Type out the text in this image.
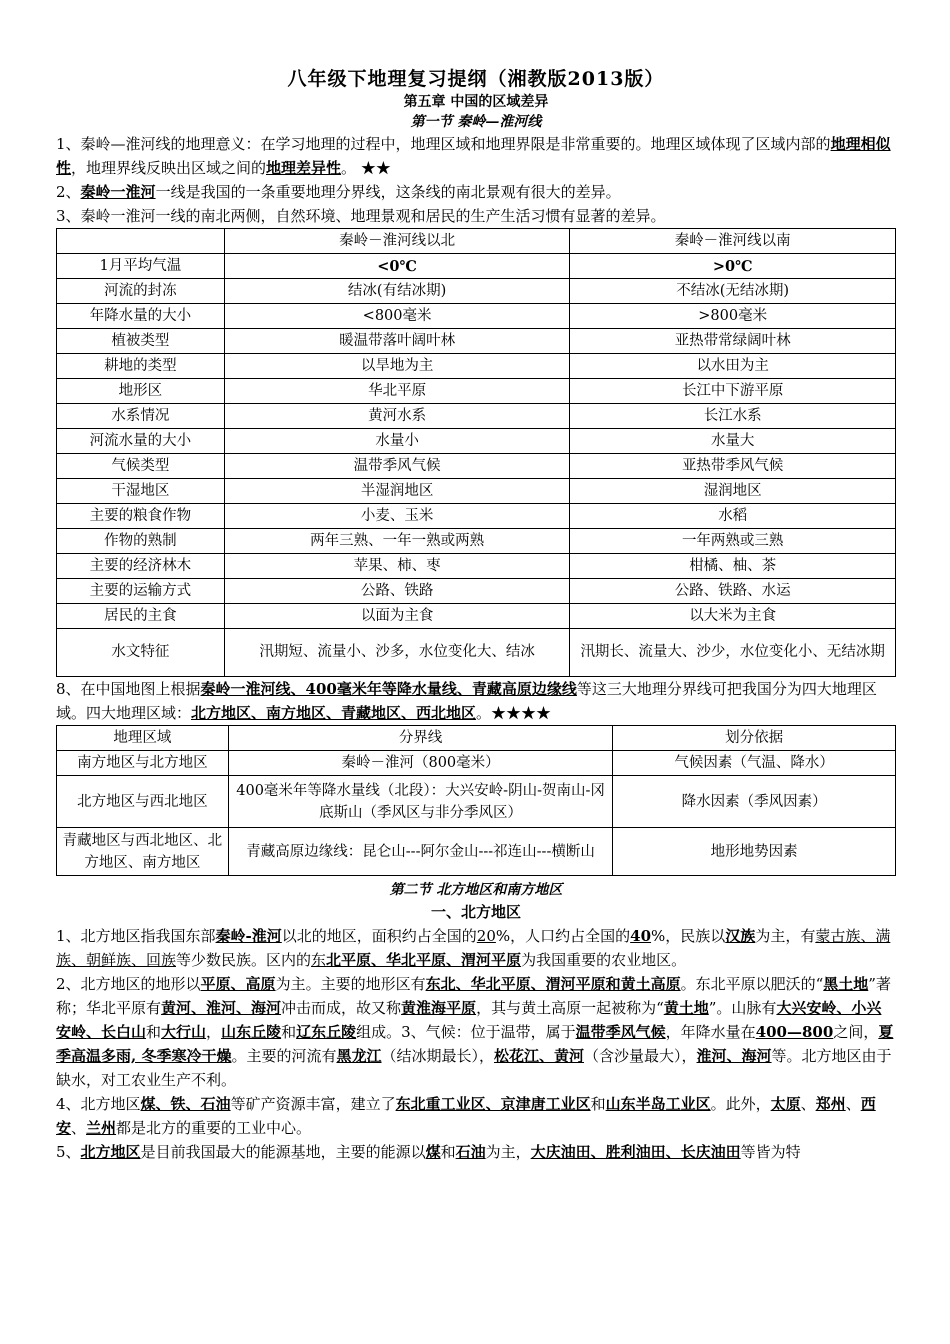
八年级下地理复习提纲（湘教版2013版）
第五章 中国的区域差异
第一节 秦岭—淮河线

1、秦岭—淮河线的地理意义：在学习地理的过程中，地理区域和地理界限是非常重要的。地理区域体现了区域内部的地理相似性，地理界线反映出区域之间的地理差异性。 ★★

2、秦岭一淮河一线是我国的一条重要地理分界线，这条线的南北景观有很大的差异。

3、秦岭一淮河一线的南北两侧，自然环境、地理景观和居民的生产生活习惯有显著的差异。

	秦岭－淮河线以北	秦岭－淮河线以南
1月平均气温	<0℃	>0℃
河流的封冻	结冰(有结冰期)	不结冰(无结冰期)
年降水量的大小	<800毫米	>800毫米
植被类型	暖温带落叶阔叶林	亚热带常绿阔叶林
耕地的类型	以旱地为主	以水田为主
地形区	华北平原	长江中下游平原
水系情况	黄河水系	长江水系
河流水量的大小	水量小	水量大
气候类型	温带季风气候	亚热带季风气候
干湿地区	半湿润地区	湿润地区
主要的粮食作物	小麦、玉米	水稻
作物的熟制	两年三熟、一年一熟或两熟	一年两熟或三熟
主要的经济林木	苹果、柿、枣	柑橘、柚、茶
主要的运输方式	公路、铁路	公路、铁路、水运
居民的主食	以面为主食	以大米为主食
水文特征	汛期短、流量小、沙多，水位变化大、结冰	汛期长、流量大、沙少，水位变化小、无结冰期

8、在中国地图上根据秦岭一淮河线、400毫米年等降水量线、青藏高原边缘线等这三大地理分界线可把我国分为四大地理区域。四大地理区域：北方地区、南方地区、青藏地区、西北地区。★★★★

地理区域	分界线	划分依据
南方地区与北方地区	秦岭－淮河（800毫米）	气候因素（气温、降水）
北方地区与西北地区	400毫米年等降水量线（北段）：大兴安岭-阴山-贺南山-冈底斯山（季风区与非分季风区）	降水因素（季风因素）
青藏地区与西北地区、北方地区、南方地区	青藏高原边缘线：昆仑山---阿尔金山---祁连山---横断山	地形地势因素
第二节 北方地区和南方地区
一、北方地区

1、北方地区指我国东部秦岭-淮河以北的地区，面积约占全国的20%，人口约占全国的40%，民族以汉族为主，有蒙古族、满族、朝鲜族、回族等少数民族。区内的东北平原、华北平原、渭河平原为我国重要的农业地区。

2、北方地区的地形以平原、高原为主。主要的地形区有东北、华北平原、渭河平原和黄土高原。东北平原以肥沃的“黑土地”著称；华北平原有黄河、淮河、海河冲击而成，故又称黄淮海平原，其与黄土高原一起被称为“黄土地”。山脉有大兴安岭、小兴安岭、长白山和大行山，山东丘陵和辽东丘陵组成。3、气候：位于温带，属于温带季风气候，年降水量在400—800之间，夏季高温多雨, 冬季寒冷干燥。主要的河流有黑龙江（结冰期最长），松花江、黄河（含沙量最大），淮河、海河等。北方地区由于缺水，对工农业生产不利。

4、北方地区煤、铁、石油等矿产资源丰富，建立了东北重工业区、京津唐工业区和山东半岛工业区。此外，太原、郑州、西安、兰州都是北方的重要的工业中心。

5、北方地区是目前我国最大的能源基地，主要的能源以煤和石油为主，大庆油田、胜利油田、长庆油田等皆为特
